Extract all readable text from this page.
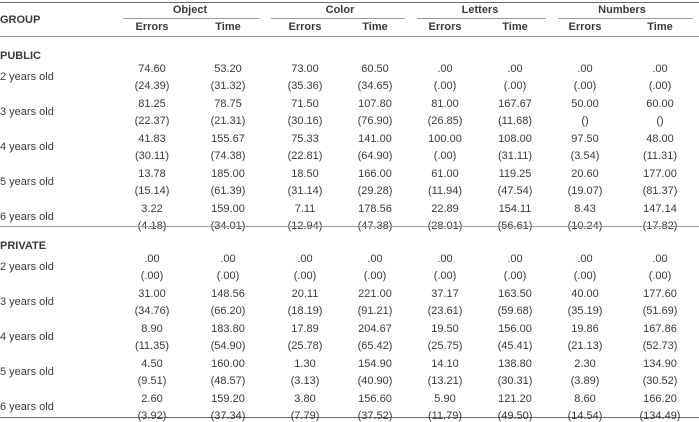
GROUP
Object
Errors	Time
Color
Errors	Time
Letters
Errors	Time
Numbers
Errors	Time
PUBLIC
2 years old
74.60	53.20	73.00	60.50	.00	.00	.00	.00
(24.39)	(31.32)	(35.36)	(34.65)	(.00)	(.00)	(.00)	(.00)
3 years old
81.25	78.75	71.50	107.80	81.00	167.67	50.00	60.00
(22.37)	(21.31)	(30.16)	(76.90)	(26.85)	(11.68)	()	()
4 years old
41.83	155.67	75.33	141.00	100.00	108.00	97.50	48.00
(30.11)	(74.38)	(22.81)	(64.90)	(.00)	(31.11)	(3.54)	(11.31)
5 years old
13.78	185.00	18.50	166.00	61.00	119.25	20.60	177.00
(15.14)	(61.39)	(31.14)	(29.28)	(11.94)	(47.54)	(19.07)	(81.37)
6 years old
3.22	159.00	7.11	178.56	22.89	154.11	8.43	147.14
(4.18)	(34.01)	(12.94)	(47.38)	(28.01)	(56.61)	(10.24)	(17.82)
PRIVATE
2 years old
.00	.00	.00	.00	.00	.00	.00	.00
(.00)	(.00)	(.00)	(.00)	(.00)	(.00)	(.00)	(.00)
3 years old
31.00	148.56	20.11	221.00	37.17	163.50	40.00	177.60
(34.76)	(66.20)	(18.19)	(91.21)	(23.61)	(59.68)	(35.19)	(51.69)
4 years old
8.90	183.80	17.89	204.67	19.50	156.00	19.86	167.86
(11.35)	(54.90)	(25.78)	(65.42)	(25.75)	(45.41)	(21.13)	(52.73)
5 years old
4.50	160.00	1.30	154.90	14.10	138.80	2.30	134.90
(9.51)	(48.57)	(3.13)	(40.90)	(13.21)	(30.31)	(3.89)	(30.52)
6 years old
2.60	159.20	3.80	156.60	5.90	121.20	8.60	166.20
(3.92)	(37.34)	(7.79)	(37.52)	(11.79)	(49.50)	(14.54)	(134.49)
